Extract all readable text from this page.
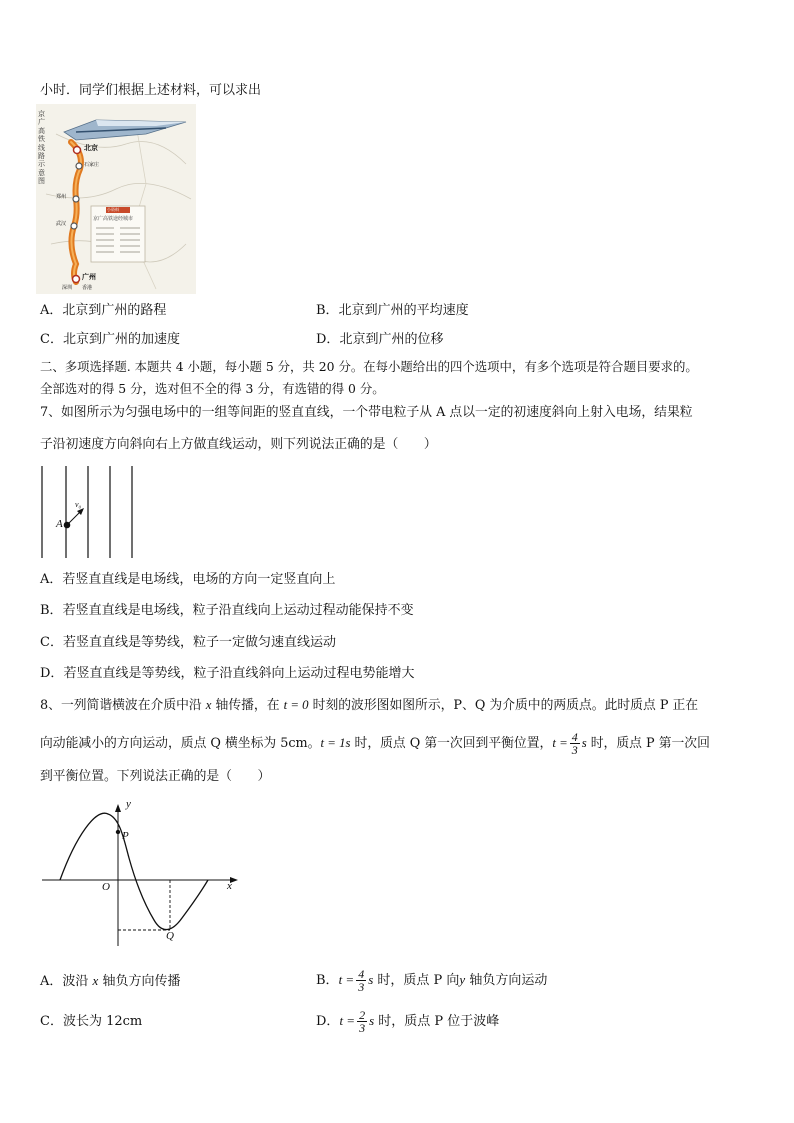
小时．同学们根据上述材料，可以求出
京
广
高
铁
线
路
示
意
图
北京
石家庄
郑州
武汉
广州
深圳 香港
小资料
京广高铁途经城市
A．北京到广州的路程	B．北京到广州的平均速度
C．北京到广州的加速度	D．北京到广州的位移
二、多项选择题. 本题共 4 小题，每小题 5 分，共 20 分。在每小题给出的四个选项中，有多个选项是符合题目要求的。
全部选对的得 5 分，选对但不全的得 3 分，有选错的得 0 分。
7、如图所示为匀强电场中的一组等间距的竖直直线，一个带电粒子从 A 点以一定的初速度斜向上射入电场，结果粒
子沿初速度方向斜向右上方做直线运动，则下列说法正确的是（　　）
A
v₀
A．若竖直直线是电场线，电场的方向一定竖直向上
B．若竖直直线是电场线，粒子沿直线向上运动过程动能保持不变
C．若竖直直线是等势线，粒子一定做匀速直线运动
D．若竖直直线是等势线，粒子沿直线斜向上运动过程电势能增大
8、一列简谐横波在介质中沿 x 轴传播，在 t = 0 时刻的波形图如图所示，P、Q 为介质中的两质点。此时质点 P 正在
向动能减小的方向运动，质点 Q 横坐标为 5cm。t = 1s 时，质点 Q 第一次回到平衡位置，$t = \frac{4}{3}$ s 时，质点 P 第一次回
到平衡位置。下列说法正确的是（　　）
y
x
O
P
Q
A．波沿 x 轴负方向传播	B．$t = \frac{4}{3}$ s 时，质点 P 向y 轴负方向运动
C．波长为 12cm	D．$t = \frac{2}{3}$ s 时，质点 P 位于波峰
